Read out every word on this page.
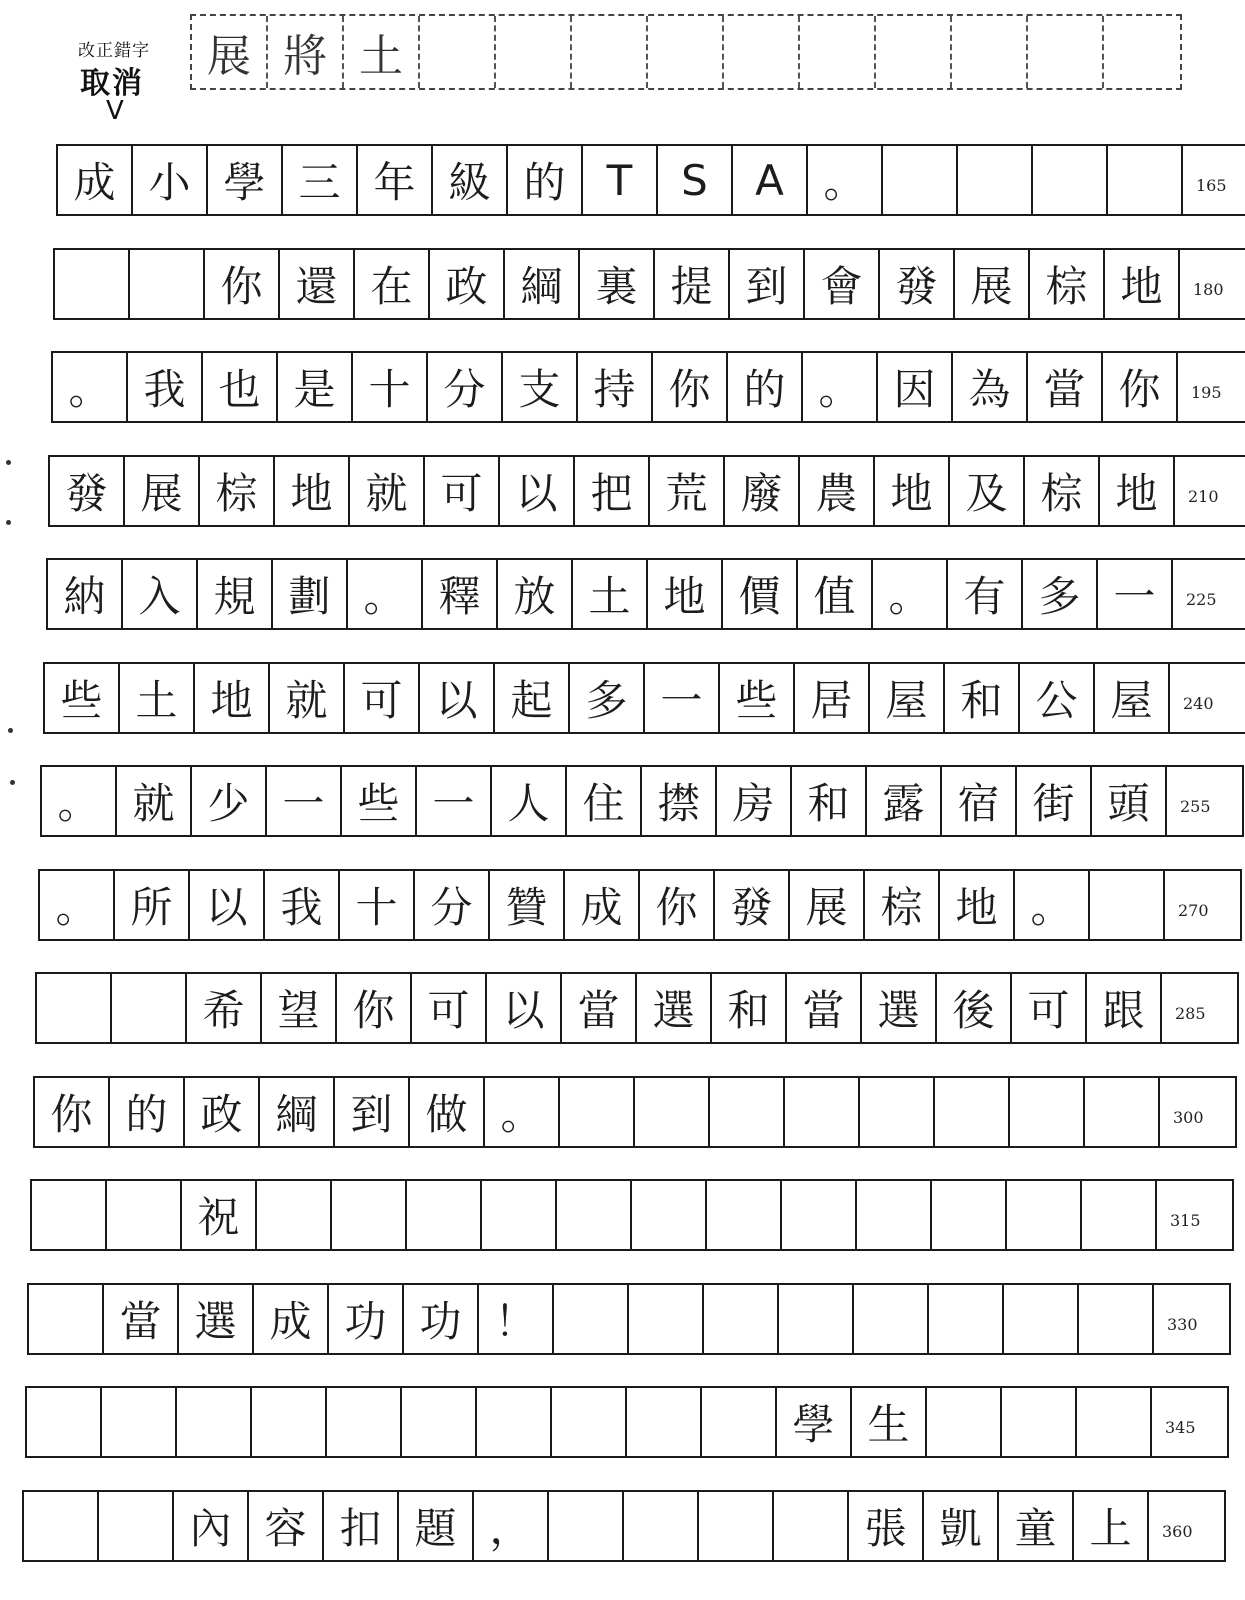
改正錯字
取消
V
展 將 土
成 小 學 三 年 級 的 T	S	A 。	165
你 還 在 政 綱 裏 提 到 會 發 展 棕 地	180
。 我 也 是 十 分 支 持 你 的 。 因 為 當 你	195
發 展 棕 地 就 可 以 把 荒 廢 農 地 及 棕 地	210
納 入 規 劃 。 釋 放 土 地 價 值 。 有 多 一	225
些 土 地 就 可 以 起 多 一 些 居 屋 和 公 屋	240
。 就 少 一 些 一 人 住 㩒 房 和 露 宿 街 頭	255
。 所 以 我 十 分 贊 成 你 發 展 棕 地 。	270
希 望 你 可 以 當 選 和 當 選 後 可 跟	285
你 的 政 綱 到 做 。	300
祝	315
當 選 成 功 功 ！	330
學 生	345
內 容 扣 題 ，	張 凱 童 上	360
